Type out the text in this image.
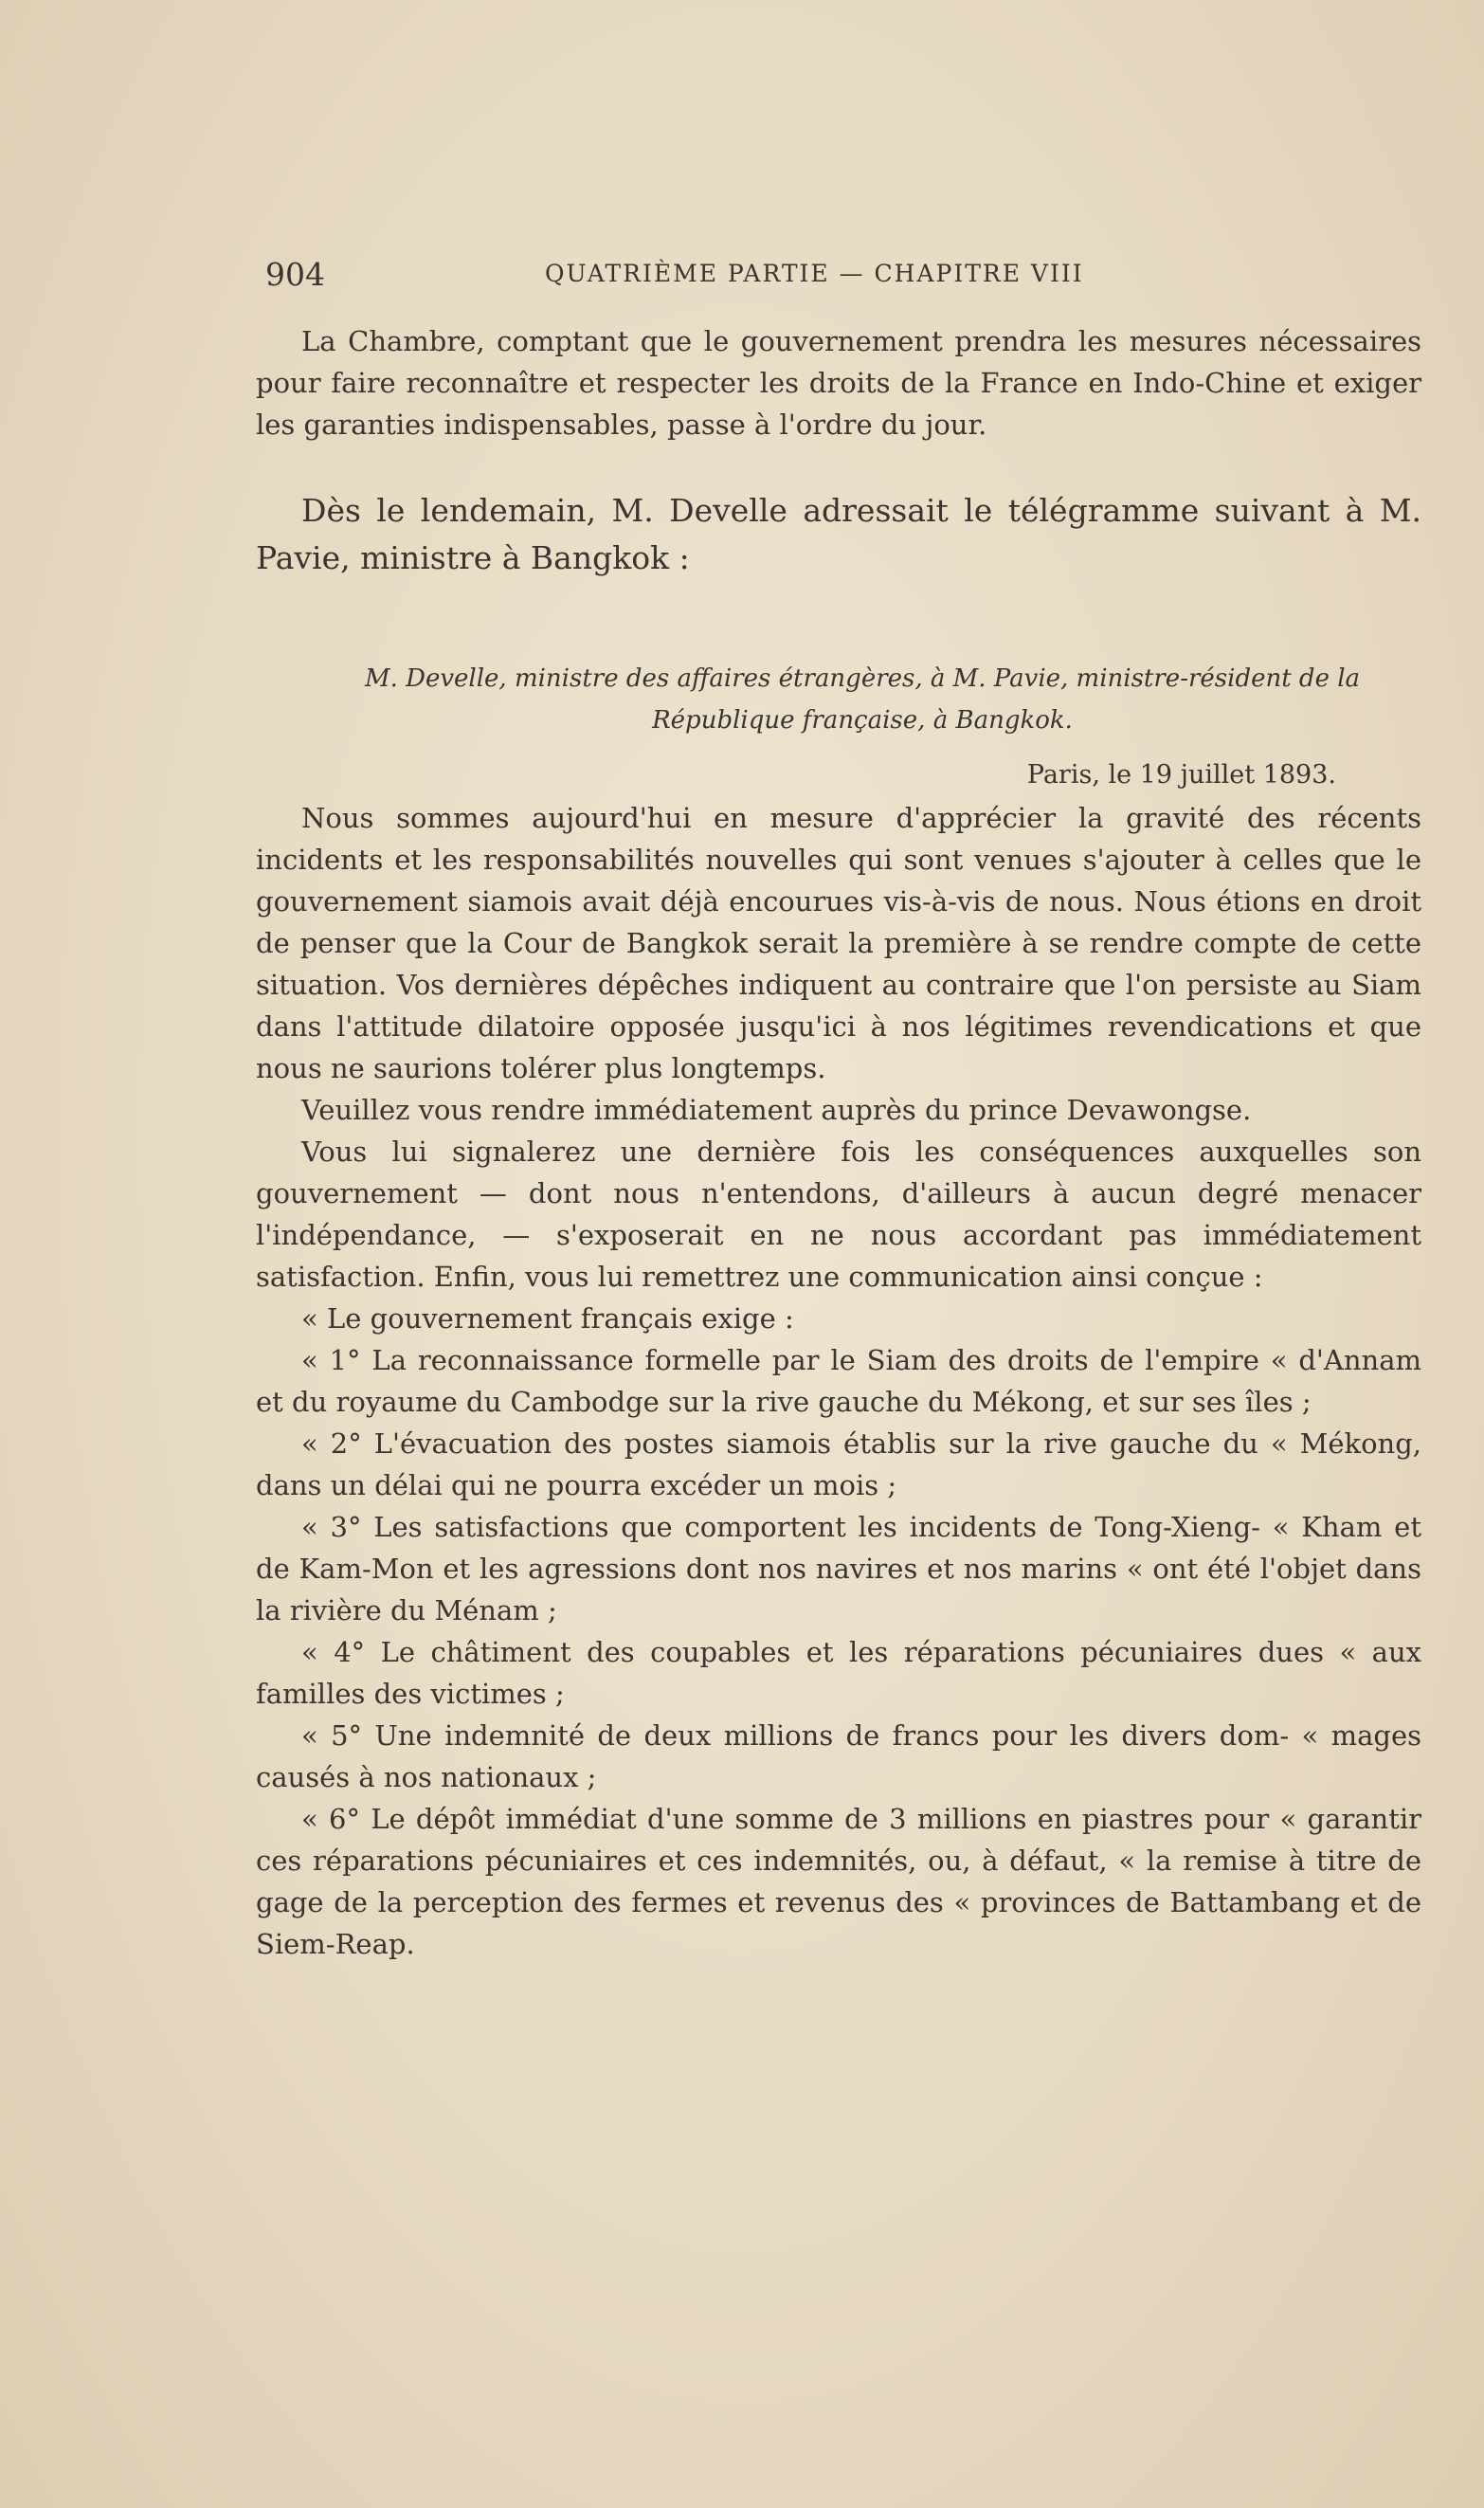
904	QUATRIÈME PARTIE — CHAPITRE VIII

La Chambre, comptant que le gouvernement prendra les mesures nécessaires pour faire reconnaître et respecter les droits de la France en Indo-Chine et exiger les garanties indispensables, passe à l'ordre du jour.

Dès le lendemain, M. Develle adressait le télégramme suivant à M. Pavie, ministre à Bangkok :

M. Develle, ministre des affaires étrangères, à M. Pavie, ministre-résident de la République française, à Bangkok.
Paris, le 19 juillet 1893.

Nous sommes aujourd'hui en mesure d'apprécier la gravité des récents incidents et les responsabilités nouvelles qui sont venues s'ajouter à celles que le gouvernement siamois avait déjà encourues vis-à-vis de nous. Nous étions en droit de penser que la Cour de Bangkok serait la première à se rendre compte de cette situation. Vos dernières dépêches indiquent au contraire que l'on persiste au Siam dans l'attitude dilatoire opposée jusqu'ici à nos légitimes revendications et que nous ne saurions tolérer plus longtemps.

Veuillez vous rendre immédiatement auprès du prince Devawongse.

Vous lui signalerez une dernière fois les conséquences auxquelles son gouvernement — dont nous n'entendons, d'ailleurs à aucun degré menacer l'indépendance, — s'exposerait en ne nous accordant pas immédiatement satisfaction. Enfin, vous lui remettrez une communication ainsi conçue :

« Le gouvernement français exige :

« 1° La reconnaissance formelle par le Siam des droits de l'empire « d'Annam et du royaume du Cambodge sur la rive gauche du Mékong, et sur ses îles ;

« 2° L'évacuation des postes siamois établis sur la rive gauche du « Mékong, dans un délai qui ne pourra excéder un mois ;

« 3° Les satisfactions que comportent les incidents de Tong-Xieng- « Kham et de Kam-Mon et les agressions dont nos navires et nos marins « ont été l'objet dans la rivière du Ménam ;

« 4° Le châtiment des coupables et les réparations pécuniaires dues « aux familles des victimes ;

« 5° Une indemnité de deux millions de francs pour les divers dom- « mages causés à nos nationaux ;

« 6° Le dépôt immédiat d'une somme de 3 millions en piastres pour « garantir ces réparations pécuniaires et ces indemnités, ou, à défaut, « la remise à titre de gage de la perception des fermes et revenus des « provinces de Battambang et de Siem-Reap.
